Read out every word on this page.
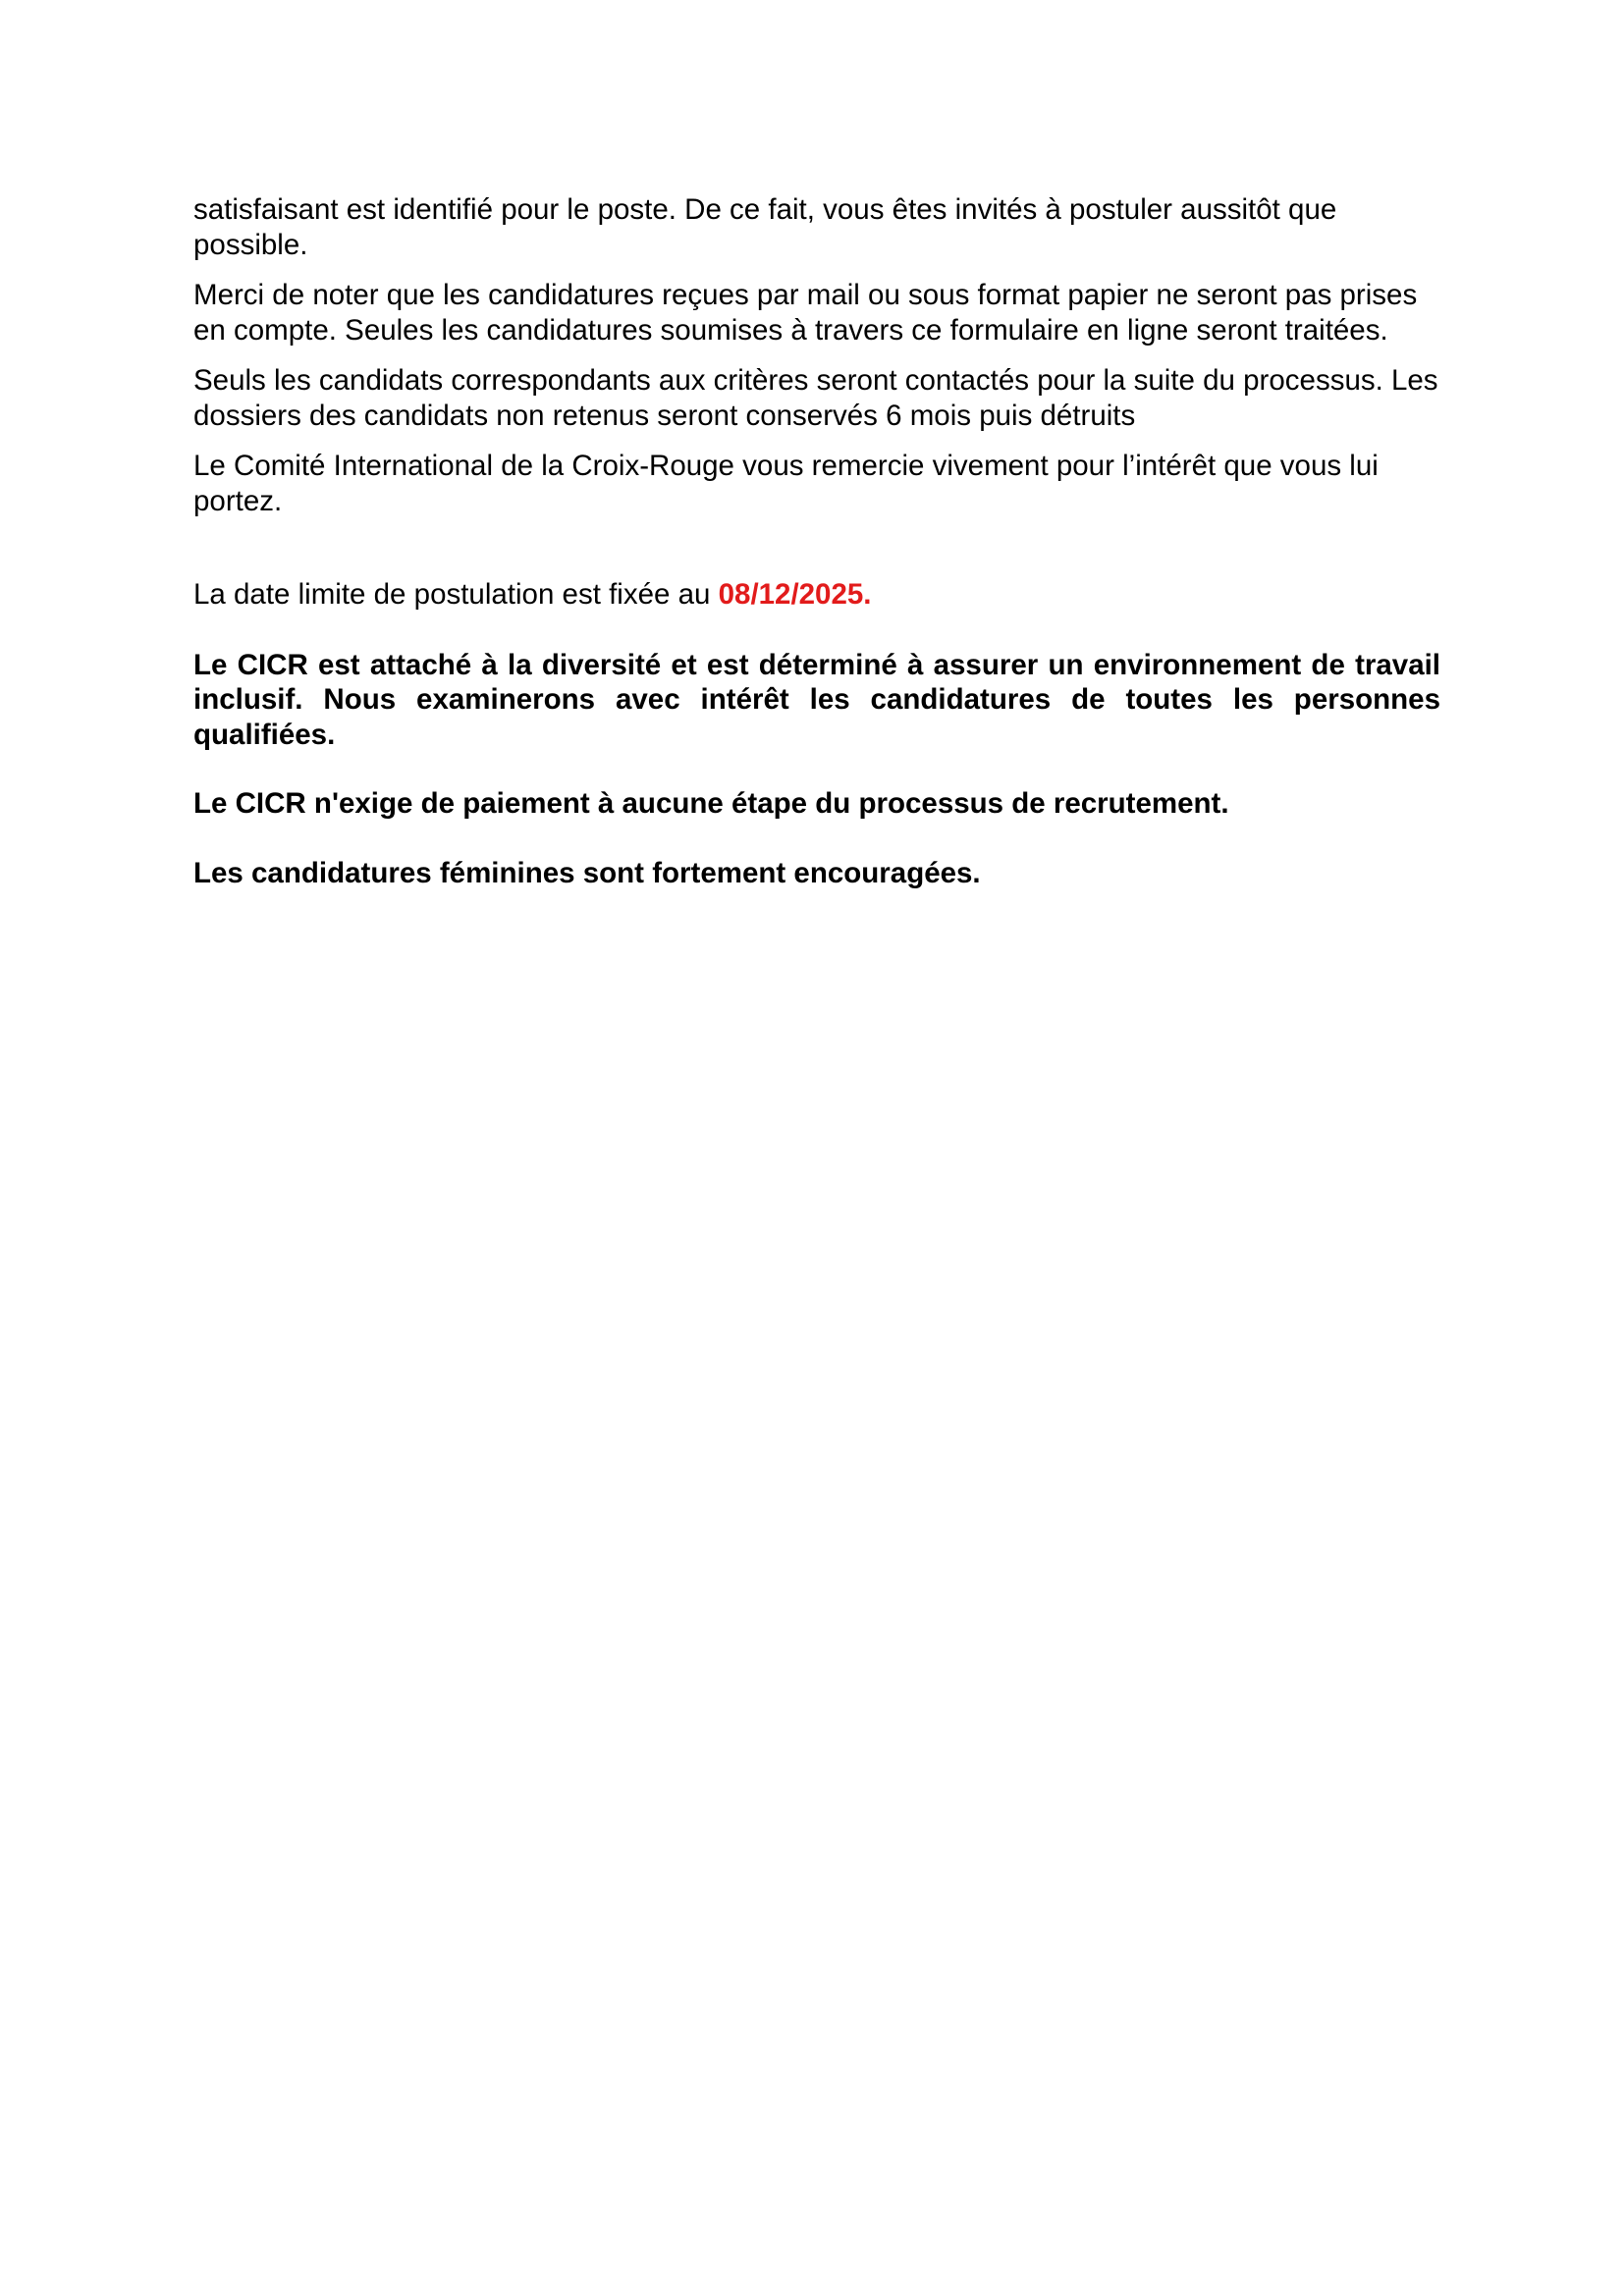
satisfaisant est identifié pour le poste. De ce fait, vous êtes invités à postuler aussitôt que possible.

Merci de noter que les candidatures reçues par mail ou sous format papier ne seront pas prises en compte. Seules les candidatures soumises à travers ce formulaire en ligne seront traitées.

Seuls les candidats correspondants aux critères seront contactés pour la suite du processus. Les dossiers des candidats non retenus seront conservés 6 mois puis détruits

Le Comité International de la Croix-Rouge vous remercie vivement pour l’intérêt que vous lui portez.

La date limite de postulation est fixée au 08/12/2025.

Le CICR est attaché à la diversité et est déterminé à assurer un environnement de travail inclusif. Nous examinerons avec intérêt les candidatures de toutes les personnes qualifiées.

Le CICR n'exige de paiement à aucune étape du processus de recrutement.

Les candidatures féminines sont fortement encouragées.
